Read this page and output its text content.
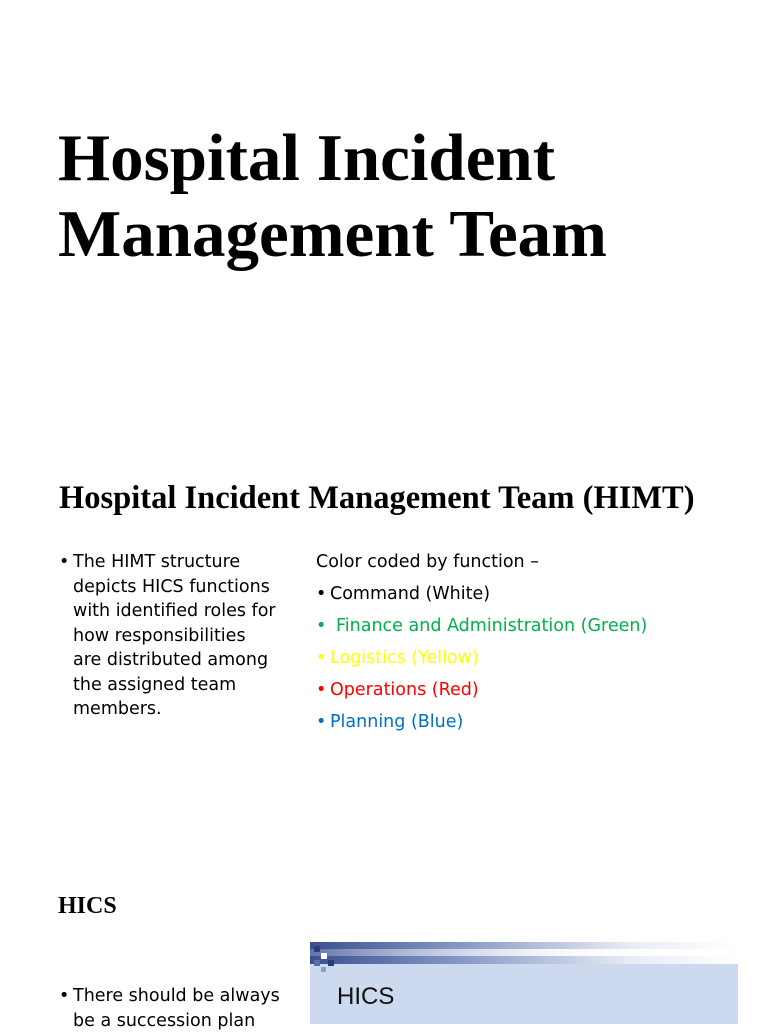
Hospital Incident
Management Team
Hospital Incident Management Team (HIMT)
• The HIMT structure
depicts HICS functions
with identified roles for
how responsibilities
are distributed among
the assigned team
members.
Color coded by function –
• Command (White)
• Finance and Administration (Green)
• Logistics (Yellow)
• Operations (Red)
• Planning (Blue)
HICS
• There should be always
be a succession plan
HICS
